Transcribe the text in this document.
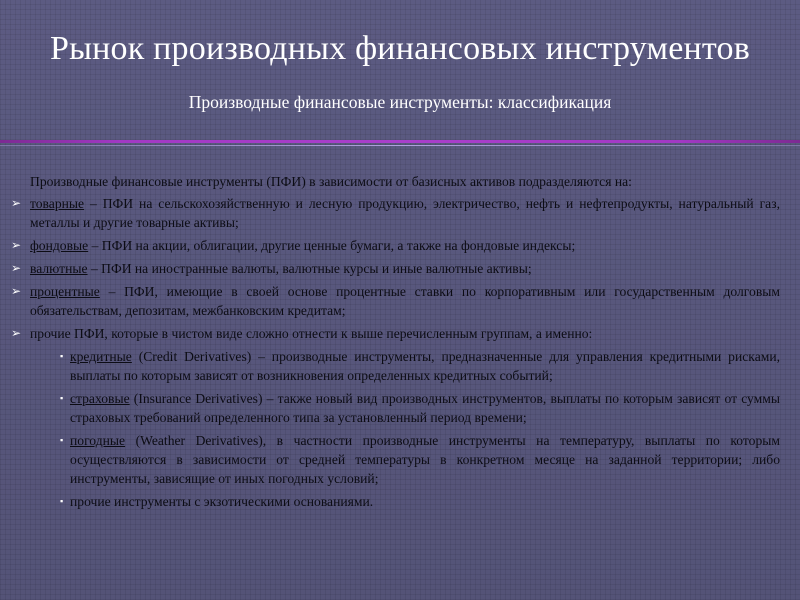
Рынок производных финансовых инструментов
Производные финансовые инструменты: классификация

Производные финансовые инструменты (ПФИ) в зависимости от базисных активов подразделяются на:

➢ товарные – ПФИ на сельскохозяйственную и лесную продукцию, электричество, нефть и нефтепродукты, натуральный газ, металлы и другие товарные активы;

➢ фондовые – ПФИ на акции, облигации, другие ценные бумаги, а также на фондовые индексы;

➢ валютные – ПФИ на иностранные валюты, валютные курсы и иные валютные активы;

➢ процентные – ПФИ, имеющие в своей основе процентные ставки по корпоративным или государственным долговым обязательствам, депозитам, межбанковским кредитам;

➢ прочие ПФИ, которые в чистом виде сложно отнести к выше перечисленным группам, а именно:

▪ кредитные (Credit Derivatives) – производные инструменты, предназначенные для управления кредитными рисками, выплаты по которым зависят от возникновения определенных кредитных событий;

▪ страховые (Insurance Derivatives) – также новый вид производных инструментов, выплаты по которым зависят от суммы страховых требований определенного типа за установленный период времени;

▪ погодные (Weather Derivatives), в частности производные инструменты на температуру, выплаты по которым осуществляются в зависимости от средней температуры в конкретном месяце на заданной территории; либо инструменты, зависящие от иных погодных условий;

▪ прочие инструменты с экзотическими основаниями.
